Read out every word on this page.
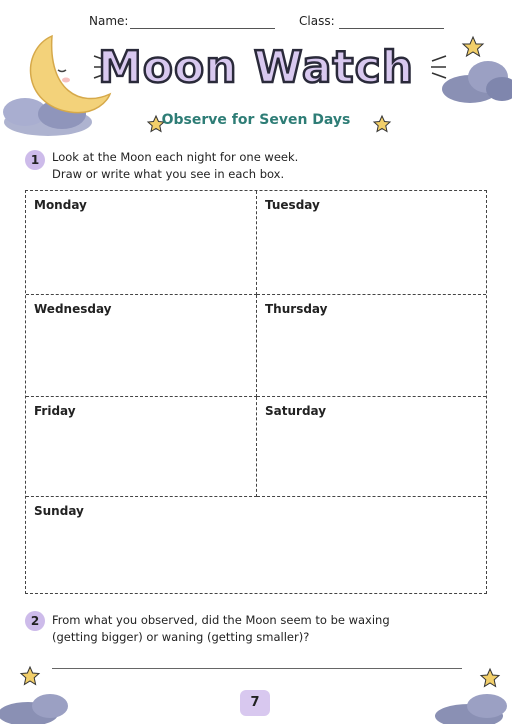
Name:	Class:
Moon Watch
Observe for Seven Days
1	Look at the Moon each night for one week.
Draw or write what you see in each box.
Monday	Tuesday
Wednesday	Thursday
Friday	Saturday
Sunday
2	From what you observed, did the Moon seem to be waxing
(getting bigger) or waning (getting smaller)?
7
